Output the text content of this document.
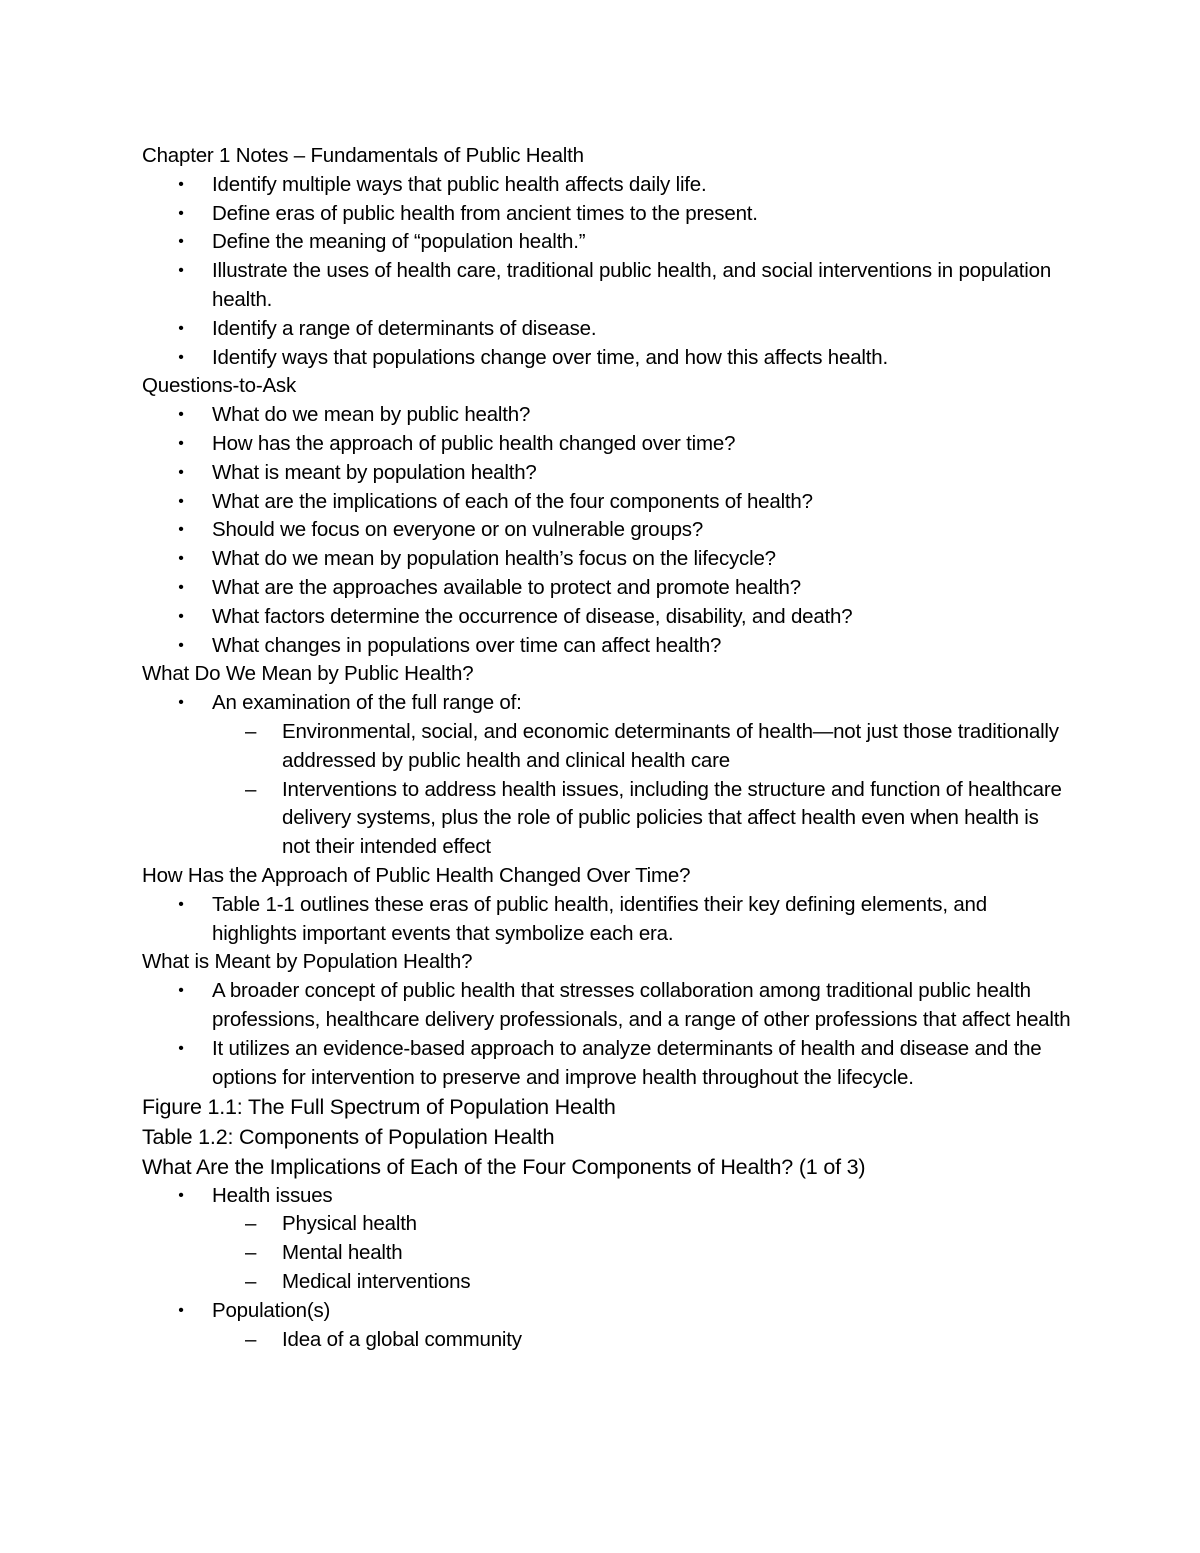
Chapter 1 Notes – Fundamentals of Public Health
• Identify multiple ways that public health affects daily life.
• Define eras of public health from ancient times to the present.
• Define the meaning of “population health.”
• Illustrate the uses of health care, traditional public health, and social interventions in population health.
• Identify a range of determinants of disease.
• Identify ways that populations change over time, and how this affects health.
Questions-to-Ask
• What do we mean by public health?
• How has the approach of public health changed over time?
• What is meant by population health?
• What are the implications of each of the four components of health?
• Should we focus on everyone or on vulnerable groups?
• What do we mean by population health’s focus on the lifecycle?
• What are the approaches available to protect and promote health?
• What factors determine the occurrence of disease, disability, and death?
• What changes in populations over time can affect health?
What Do We Mean by Public Health?
• An examination of the full range of:
– Environmental, social, and economic determinants of health—not just those traditionally addressed by public health and clinical health care
– Interventions to address health issues, including the structure and function of healthcare delivery systems, plus the role of public policies that affect health even when health is not their intended effect
How Has the Approach of Public Health Changed Over Time?
• Table 1-1 outlines these eras of public health, identifies their key defining elements, and highlights important events that symbolize each era.
What is Meant by Population Health?
• A broader concept of public health that stresses collaboration among traditional public health professions, healthcare delivery professionals, and a range of other professions that affect health
• It utilizes an evidence-based approach to analyze determinants of health and disease and the options for intervention to preserve and improve health throughout the lifecycle.
Figure 1.1: The Full Spectrum of Population Health
Table 1.2: Components of Population Health
What Are the Implications of Each of the Four Components of Health? (1 of 3)
• Health issues
– Physical health
– Mental health
– Medical interventions
• Population(s)
– Idea of a global community
